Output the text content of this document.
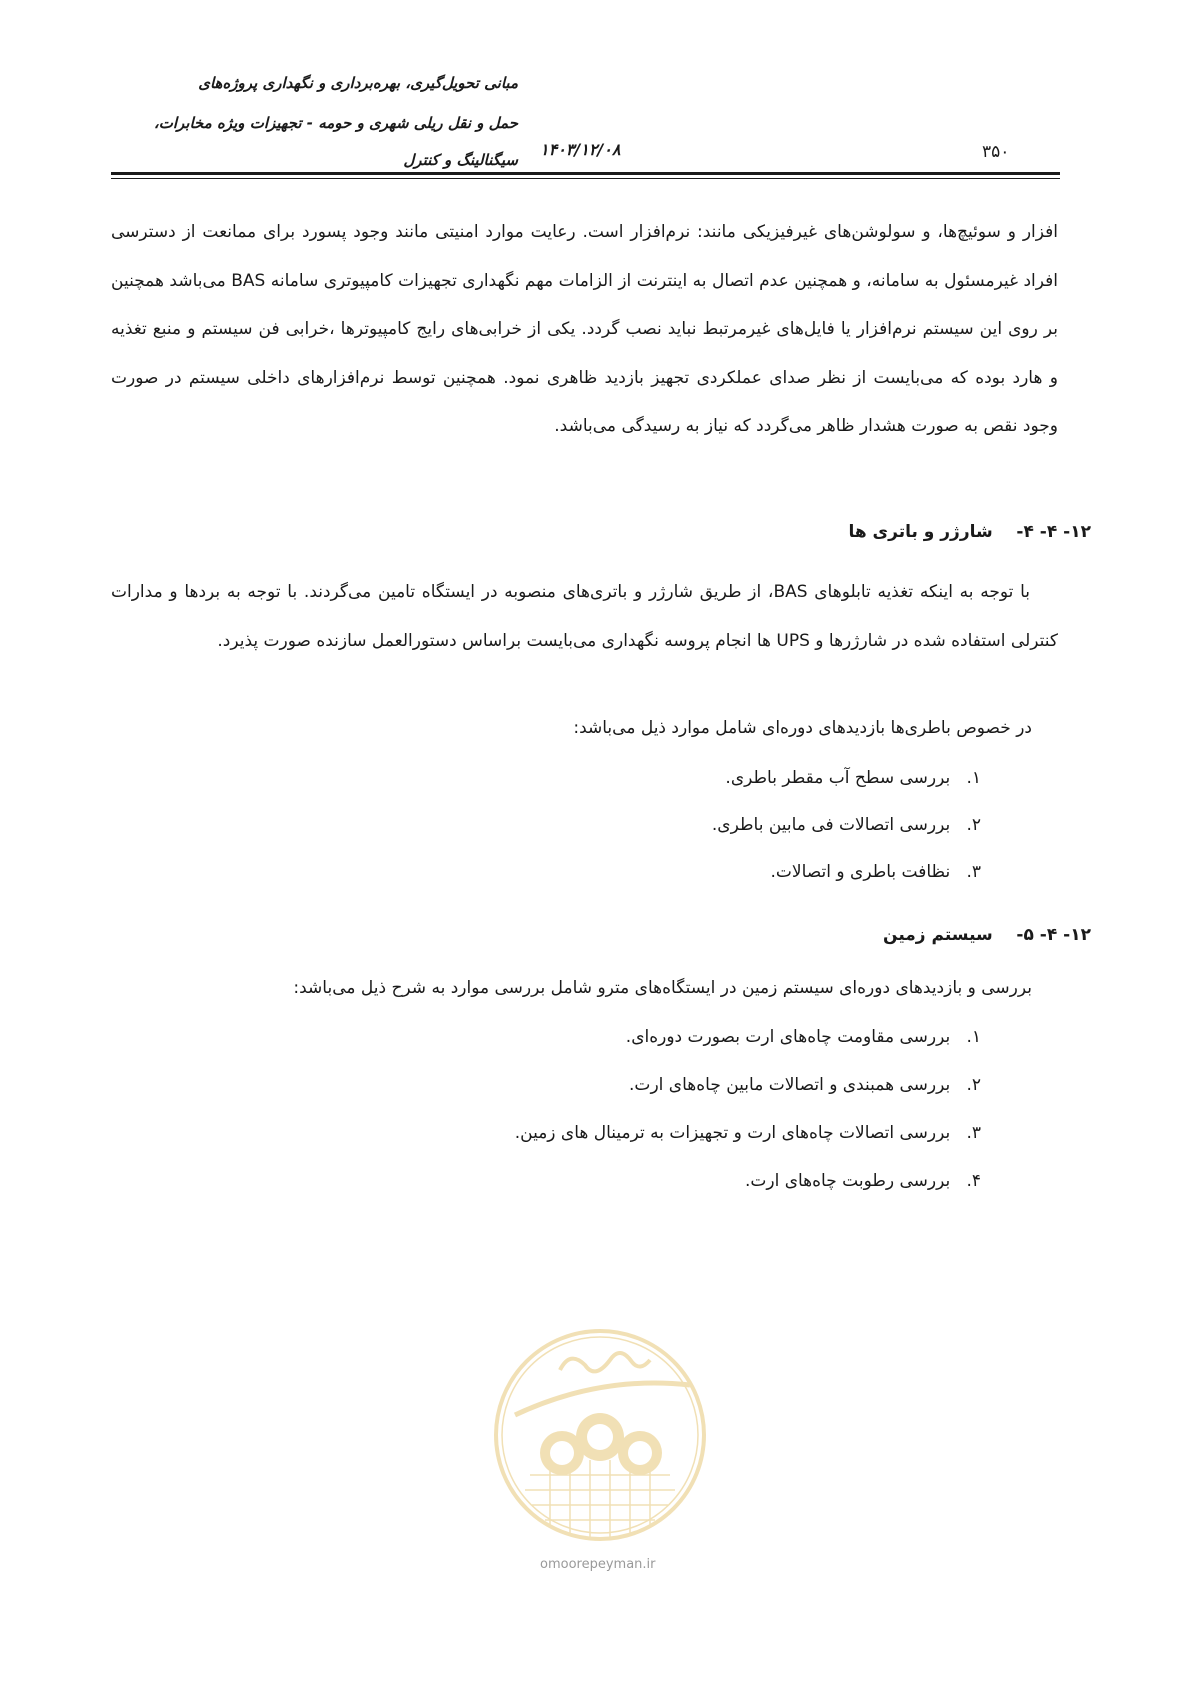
مبانی تحویل‌گیری، بهره‌برداری و نگهداری پروژه‌های
حمل و نقل ریلی شهری و حومه - تجهیزات ویژه مخابرات،
سیگنالینگ و کنترل
۱۴۰۳/۱۲/۰۸	۳۵۰
افزار و سوئیچ‌ها، و سولوشن‌های غیرفیزیکی مانند: نرم‌افزار است. رعایت موارد امنیتی مانند وجود پسورد برای ممانعت از دسترسی افراد غیرمسئول به سامانه، و همچنین عدم اتصال به اینترنت از الزامات مهم نگهداری تجهیزات کامپیوتری سامانه BAS می‌باشد همچنین بر روی این سیستم نرم‌افزار یا فایل‌های غیرمرتبط نباید نصب گردد. یکی از خرابی‌های رایج کامپیوترها ،خرابی فن سیستم و منبع تغذیه و هارد بوده که می‌بایست از نظر صدای عملکردی تجهیز بازدید ظاهری نمود. همچنین توسط نرم‌افزارهای داخلی سیستم در صورت وجود نقص به صورت هشدار ظاهر می‌گردد که نیاز به رسیدگی می‌باشد.
۱۲- ۴- ۴-    شارژر و باتری ها
با توجه به اینکه تغذیه تابلوهای BAS، از طریق شارژر و باتری‌های منصوبه در ایستگاه تامین می‌گردند. با توجه به بردها و مدارات کنترلی استفاده شده در شارژرها و UPS ها انجام پروسه نگهداری می‌بایست براساس دستورالعمل سازنده صورت پذیرد.
در خصوص باطری‌ها بازدیدهای دوره‌ای شامل موارد ذیل می‌باشد:
۱.   بررسی سطح آب مقطر باطری.
۲.   بررسی اتصالات فی مابین باطری.
۳.   نظافت باطری و اتصالات.
۱۲- ۴- ۵-    سیستم زمین
بررسی و بازدیدهای دوره‌ای سیستم زمین در ایستگاه‌های مترو شامل بررسی موارد به شرح ذیل می‌باشد:
۱.   بررسی مقاومت چاه‌های ارت بصورت دوره‌ای.
۲.   بررسی همبندی و اتصالات مابین چاه‌های ارت.
۳.   بررسی اتصالات چاه‌های ارت و تجهیزات به ترمینال های زمین.
۴.   بررسی رطوبت چاه‌های ارت.
omoorepeyman.ir
